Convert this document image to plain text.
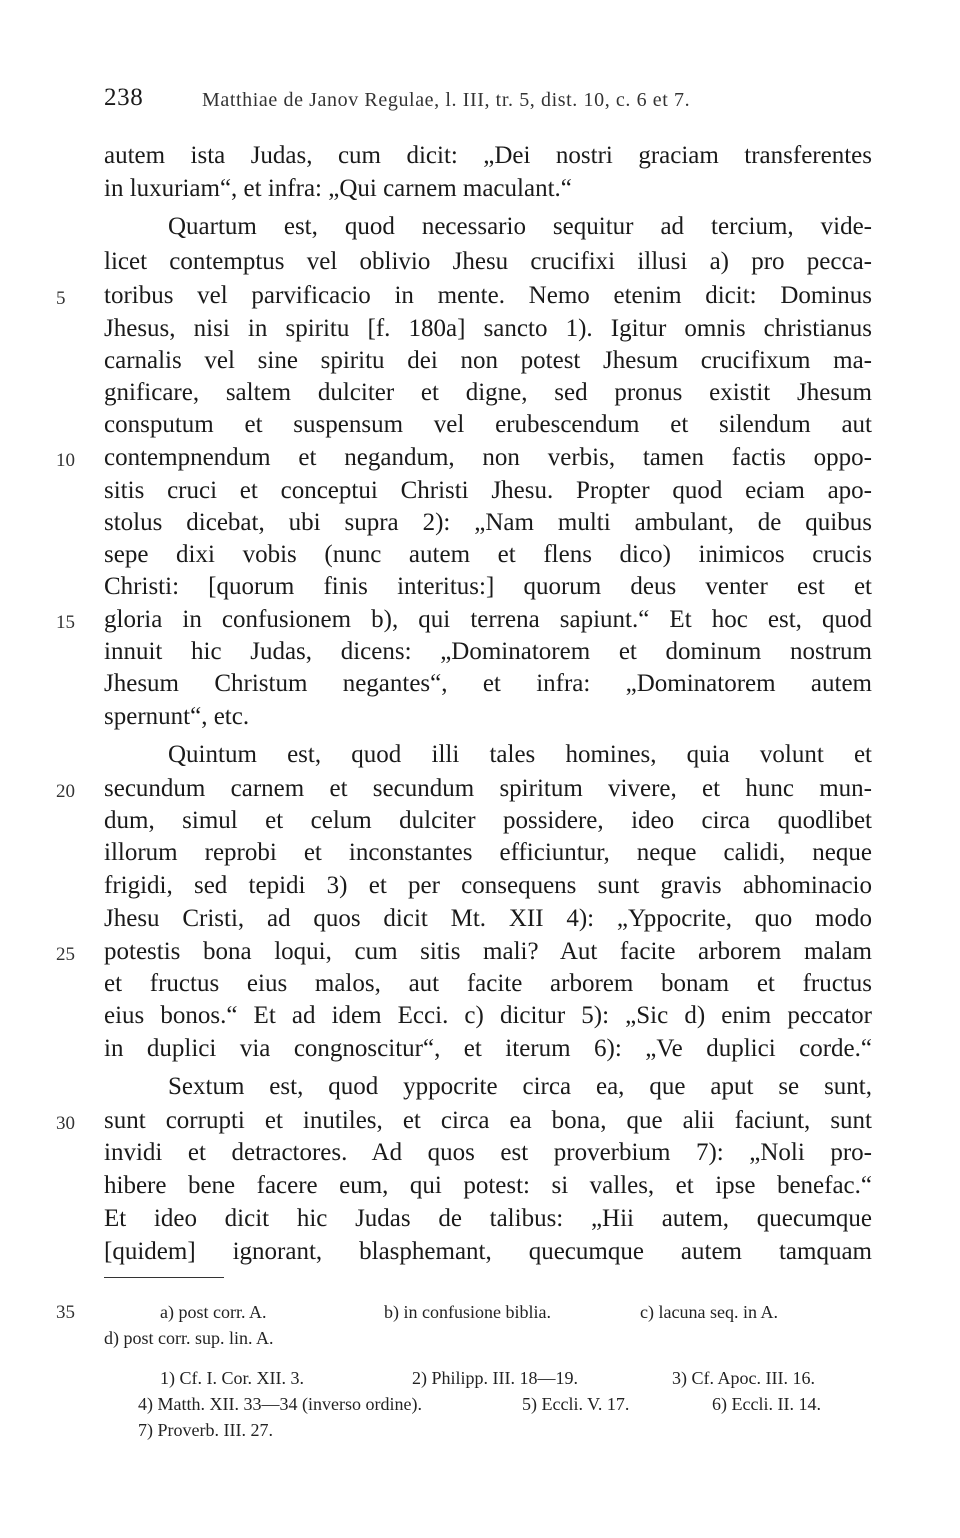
238	Matthiae de Janov Regulae, l. III, tr. 5, dist. 10, c. 6 et 7.
autem ista Judas, cum dicit: „Dei nostri graciam transferentes
in luxuriam“, et infra: „Qui carnem maculant.“
Quartum est, quod necessario sequitur ad tercium, vide-
licet contemptus vel oblivio Jhesu crucifixi illusi a) pro pecca-
toribus vel parvificacio in mente. Nemo etenim dicit: Dominus
Jhesus, nisi in spiritu [f. 180a] sancto 1). Igitur omnis christianus
carnalis vel sine spiritu dei non potest Jhesum crucifixum ma-
gnificare, saltem dulciter et digne, sed pronus existit Jhesum
consputum et suspensum vel erubescendum et silendum aut
contempnendum et negandum, non verbis, tamen factis oppo-
sitis cruci et conceptui Christi Jhesu. Propter quod eciam apo-
stolus dicebat, ubi supra 2): „Nam multi ambulant, de quibus
sepe dixi vobis (nunc autem et flens dico) inimicos crucis
Christi: [quorum finis interitus:] quorum deus venter est et
gloria in confusionem b), qui terrena sapiunt.“ Et hoc est, quod
innuit hic Judas, dicens: „Dominatorem et dominum nostrum
Jhesum Christum negantes“, et infra: „Dominatorem autem
spernunt“, etc.
Quintum est, quod illi tales homines, quia volunt et
secundum carnem et secundum spiritum vivere, et hunc mun-
dum, simul et celum dulciter possidere, ideo circa quodlibet
illorum reprobi et inconstantes efficiuntur, neque calidi, neque
frigidi, sed tepidi 3) et per consequens sunt gravis abhominacio
Jhesu Cristi, ad quos dicit Mt. XII 4): „Yppocrite, quo modo
potestis bona loqui, cum sitis mali? Aut facite arborem malam
et fructus eius malos, aut facite arborem bonam et fructus
eius bonos.“ Et ad idem Ecci. c) dicitur 5): „Sic d) enim peccator
in duplici via congnoscitur“, et iterum 6): „Ve duplici corde.“
Sextum est, quod yppocrite circa ea, que aput se sunt,
sunt corrupti et inutiles, et circa ea bona, que alii faciunt, sunt
invidi et detractores. Ad quos est proverbium 7): „Noli pro-
hibere bene facere eum, qui potest: si valles, et ipse benefac.“
Et ideo dicit hic Judas de talibus: „Hii autem, quecumque
[quidem] ignorant, blasphemant, quecumque autem tamquam
5
10
15
20
25
30
35	a) post corr. A.	b) in confusione biblia.	c) lacuna seq. in A.
d) post corr. sup. lin. A.
1) Cf. I. Cor. XII. 3.	2) Philipp. III. 18—19.	3) Cf. Apoc. III. 16.
4) Matth. XII. 33—34 (inverso ordine).	5) Eccli. V. 17.	6) Eccli. II. 14.
7) Proverb. III. 27.
